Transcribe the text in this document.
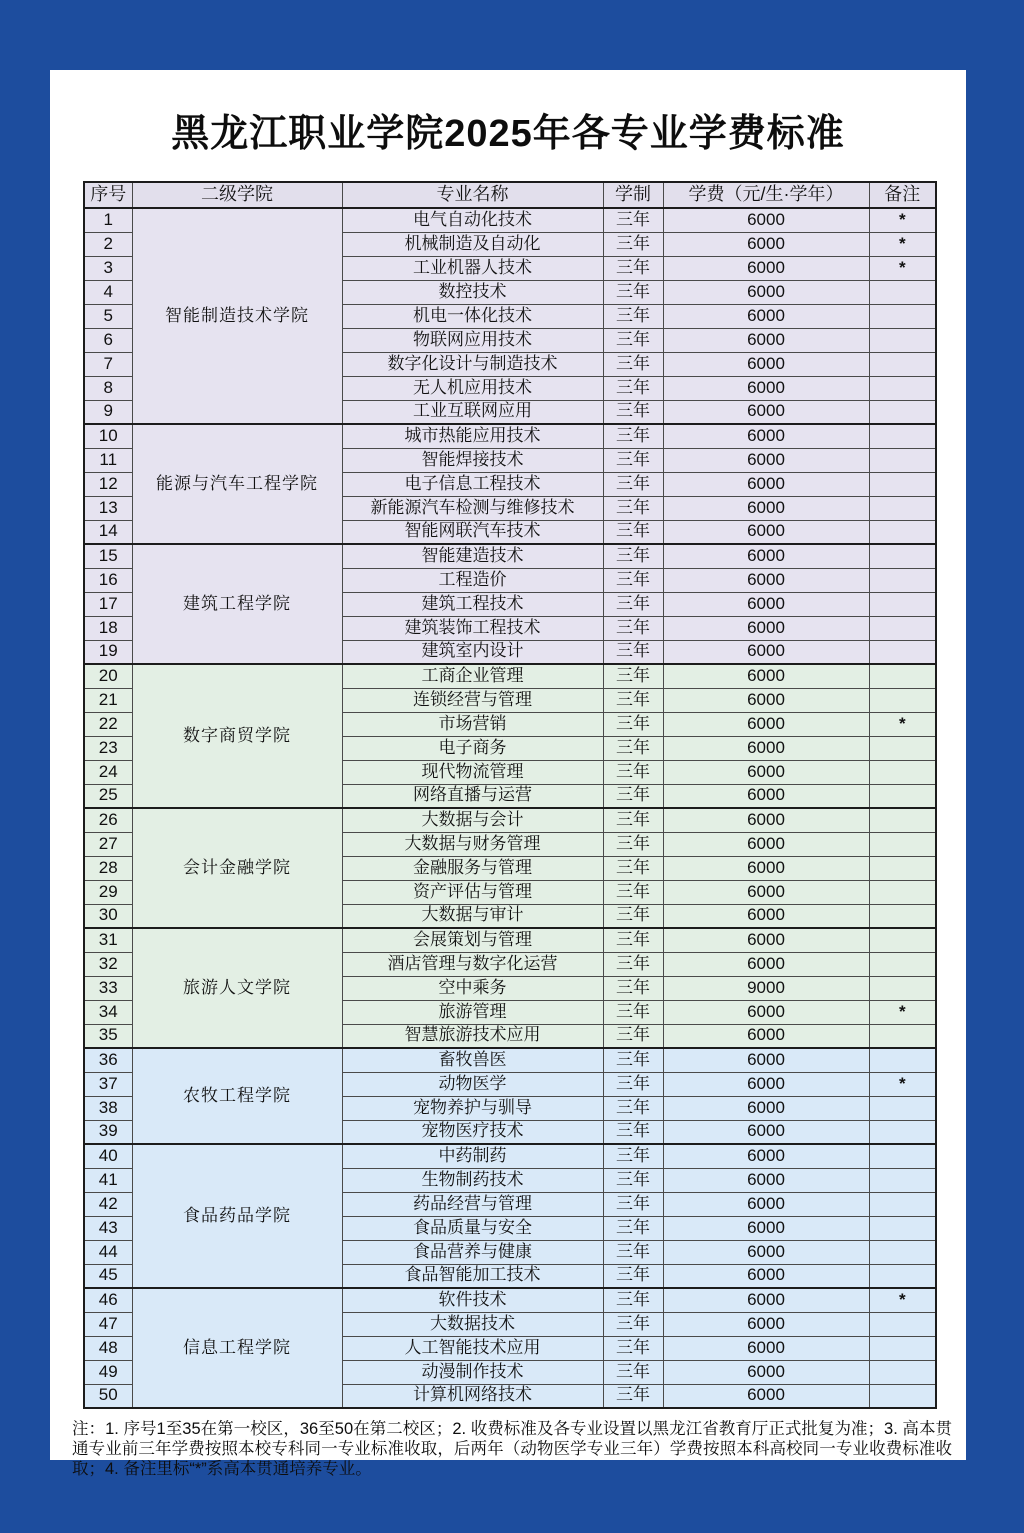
黑龙江职业学院2025年各专业学费标准
序号	二级学院	专业名称	学制	学费（元/生·学年）	备注
1	智能制造技术学院	电气自动化技术	三年	6000	*
2		机械制造及自动化	三年	6000	*
3		工业机器人技术	三年	6000	*
4		数控技术	三年	6000	
5		机电一体化技术	三年	6000	
6		物联网应用技术	三年	6000	
7		数字化设计与制造技术	三年	6000	
8		无人机应用技术	三年	6000	
9		工业互联网应用	三年	6000	
10	能源与汽车工程学院	城市热能应用技术	三年	6000	
11		智能焊接技术	三年	6000	
12		电子信息工程技术	三年	6000	
13		新能源汽车检测与维修技术	三年	6000	
14		智能网联汽车技术	三年	6000	
15	建筑工程学院	智能建造技术	三年	6000	
16		工程造价	三年	6000	
17		建筑工程技术	三年	6000	
18		建筑装饰工程技术	三年	6000	
19		建筑室内设计	三年	6000	
20	数字商贸学院	工商企业管理	三年	6000	
21		连锁经营与管理	三年	6000	
22		市场营销	三年	6000	*
23		电子商务	三年	6000	
24		现代物流管理	三年	6000	
25		网络直播与运营	三年	6000	
26	会计金融学院	大数据与会计	三年	6000	
27		大数据与财务管理	三年	6000	
28		金融服务与管理	三年	6000	
29		资产评估与管理	三年	6000	
30		大数据与审计	三年	6000	
31	旅游人文学院	会展策划与管理	三年	6000	
32		酒店管理与数字化运营	三年	6000	
33		空中乘务	三年	9000	
34		旅游管理	三年	6000	*
35		智慧旅游技术应用	三年	6000	
36	农牧工程学院	畜牧兽医	三年	6000	
37		动物医学	三年	6000	*
38		宠物养护与驯导	三年	6000	
39		宠物医疗技术	三年	6000	
40	食品药品学院	中药制药	三年	6000	
41		生物制药技术	三年	6000	
42		药品经营与管理	三年	6000	
43		食品质量与安全	三年	6000	
44		食品营养与健康	三年	6000	
45		食品智能加工技术	三年	6000	
46	信息工程学院	软件技术	三年	6000	*
47		大数据技术	三年	6000	
48		人工智能技术应用	三年	6000	
49		动漫制作技术	三年	6000	
50		计算机网络技术	三年	6000	
注：1. 序号1至35在第一校区，36至50在第二校区；2. 收费标准及各专业设置以黑龙江省教育厅正式批复为准；3. 高本贯通专业前三年学费按照本校专科同一专业标准收取，后两年（动物医学专业三年）学费按照本科高校同一专业收费标准收取；4. 备注里标“*”系高本贯通培养专业。
